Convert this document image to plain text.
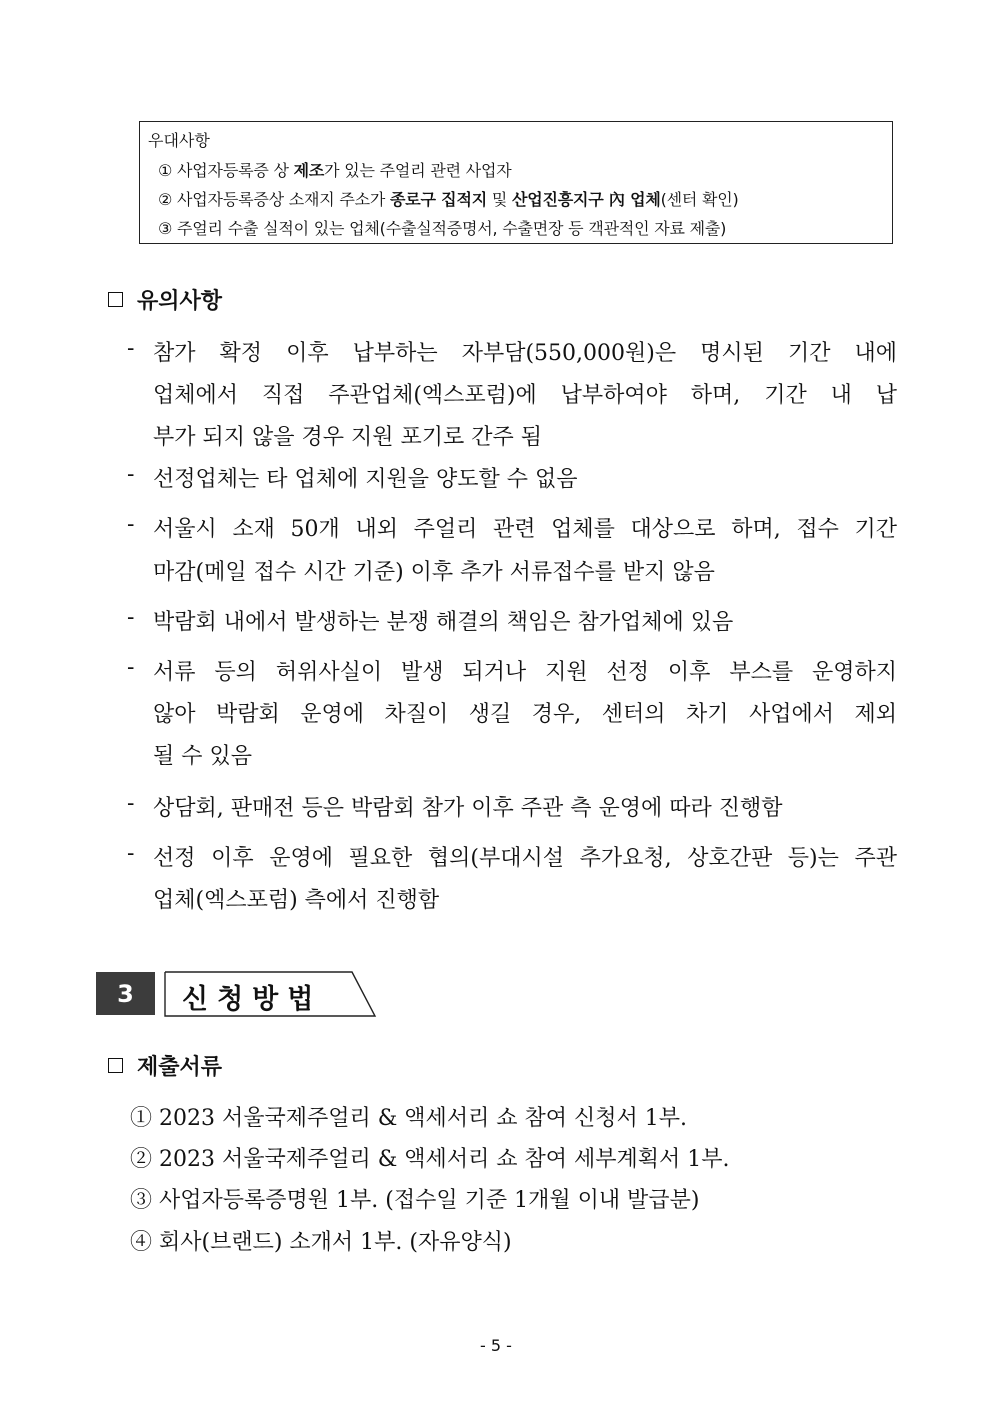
우대사항
① 사업자등록증 상 제조가 있는 주얼리 관련 사업자
② 사업자등록증상 소재지 주소가 종로구 집적지 및 산업진흥지구 內 업체(센터 확인)
③ 주얼리 수출 실적이 있는 업체(수출실적증명서, 수출면장 등 객관적인 자료 제출)
유의사항
- 참가 확정 이후 납부하는 자부담(550,000원)은 명시된 기간 내에
업체에서 직접 주관업체(엑스포럼)에 납부하여야 하며, 기간 내 납
부가 되지 않을 경우 지원 포기로 간주 됨
- 선정업체는 타 업체에 지원을 양도할 수 없음
- 서울시 소재 50개 내외 주얼리 관련 업체를 대상으로 하며, 접수 기간
마감(메일 접수 시간 기준) 이후 추가 서류접수를 받지 않음
- 박람회 내에서 발생하는 분쟁 해결의 책임은 참가업체에 있음
- 서류 등의 허위사실이 발생 되거나 지원 선정 이후 부스를 운영하지
않아 박람회 운영에 차질이 생길 경우, 센터의 차기 사업에서 제외
될 수 있음
- 상담회, 판매전 등은 박람회 참가 이후 주관 측 운영에 따라 진행함
- 선정 이후 운영에 필요한 협의(부대시설 추가요청, 상호간판 등)는 주관
업체(엑스포럼) 측에서 진행함
3	신청방법
제출서류
① 2023 서울국제주얼리 & 액세서리 쇼 참여 신청서 1부.
② 2023 서울국제주얼리 & 액세서리 쇼 참여 세부계획서 1부.
③ 사업자등록증명원 1부. (접수일 기준 1개월 이내 발급분)
④ 회사(브랜드) 소개서 1부. (자유양식)
- 5 -
